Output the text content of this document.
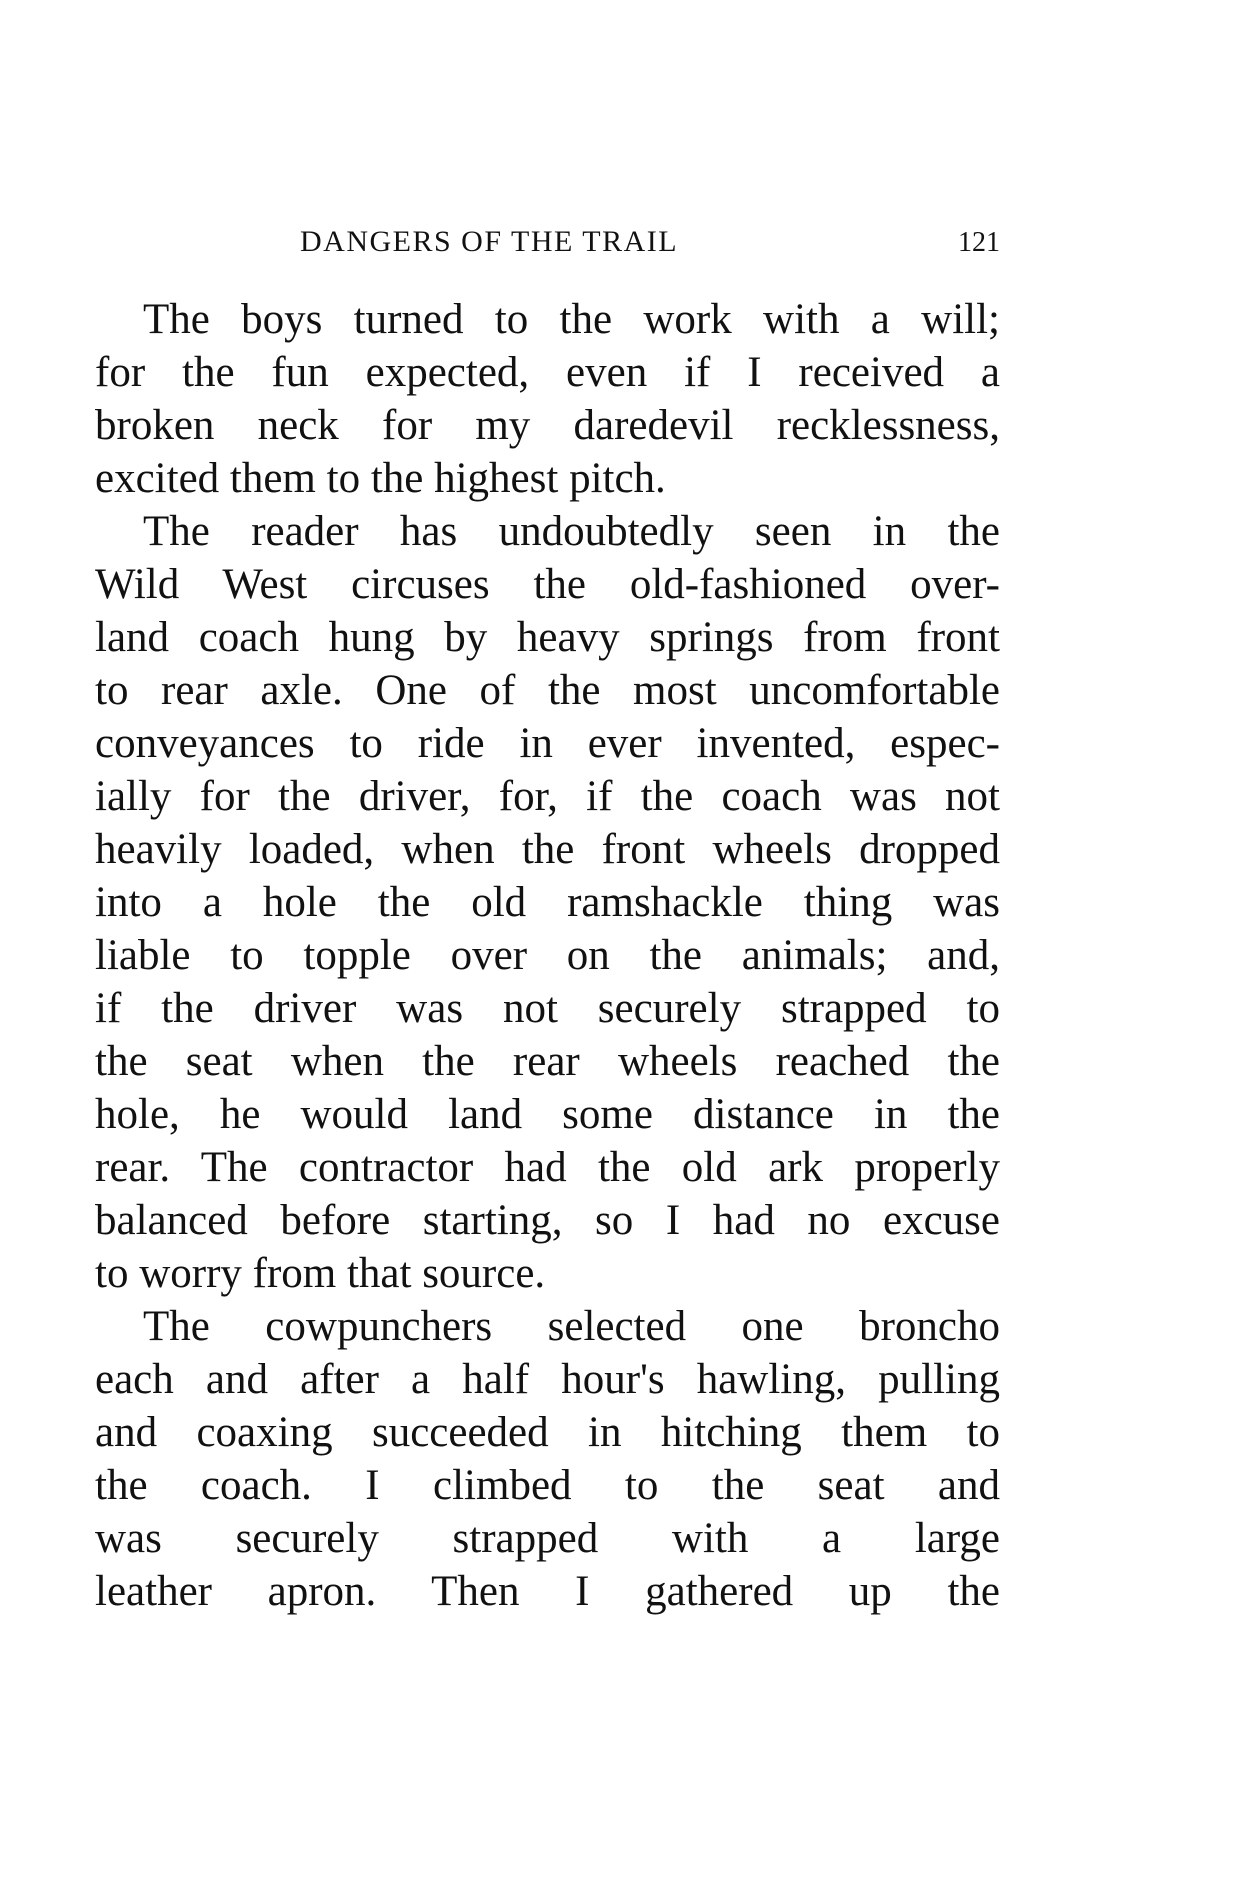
DANGERS OF THE TRAIL	121
The boys turned to the work with a will;
for the fun expected, even if I received a
broken neck for my daredevil recklessness,
excited them to the highest pitch.
The reader has undoubtedly seen in the
Wild West circuses the old-fashioned over-
land coach hung by heavy springs from front
to rear axle. One of the most uncomfortable
conveyances to ride in ever invented, espec-
ially for the driver, for, if the coach was not
heavily loaded, when the front wheels dropped
into a hole the old ramshackle thing was
liable to topple over on the animals; and,
if the driver was not securely strapped to
the seat when the rear wheels reached the
hole, he would land some distance in the
rear. The contractor had the old ark properly
balanced before starting, so I had no excuse
to worry from that source.
The cowpunchers selected one broncho
each and after a half hour's hawling, pulling
and coaxing succeeded in hitching them to
the coach. I climbed to the seat and
was securely strapped with a large
leather apron. Then I gathered up the
